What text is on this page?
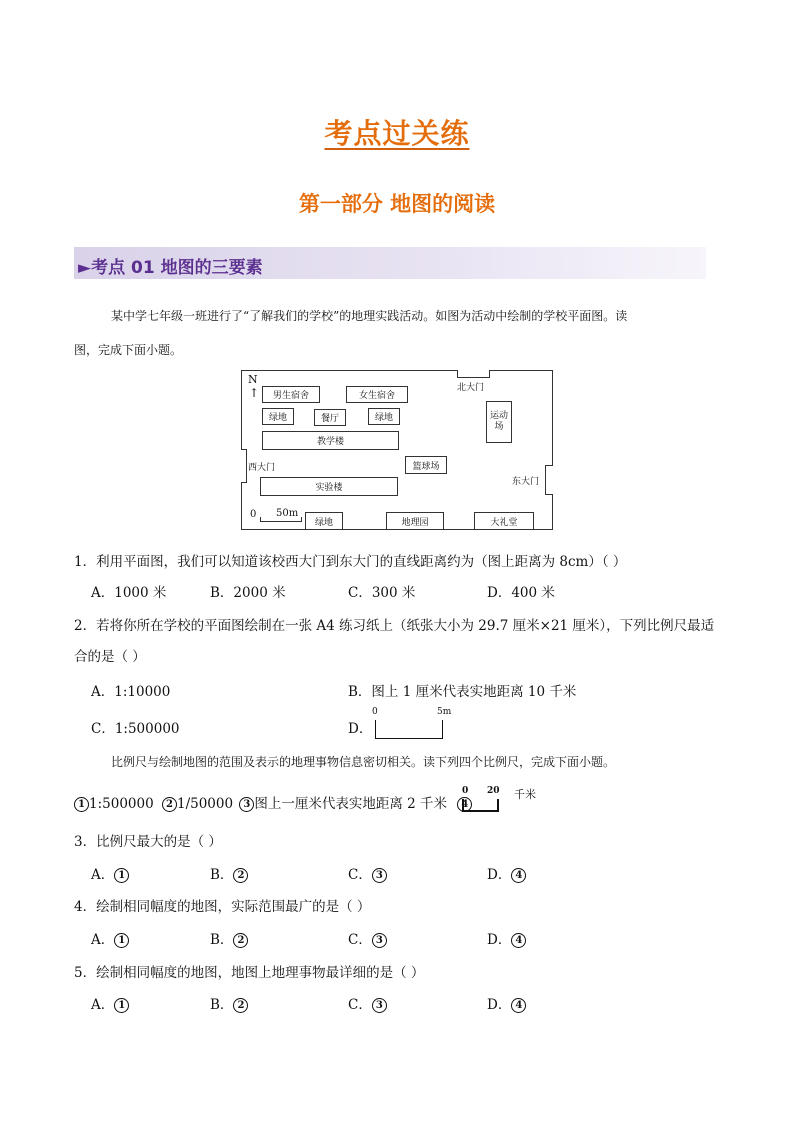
考点过关练
第一部分 地图的阅读
►考点 01 地图的三要素
某中学七年级一班进行了“了解我们的学校”的地理实践活动。如图为活动中绘制的学校平面图。读
图，完成下面小题。
N
↑	男生宿舍	女生宿舍
绿地	餐厅	绿地
教学楼
篮球场
实验楼
运动场
西大门
东大门
北大门
0 50m
绿地	地理园	大礼堂
1．利用平面图，我们可以知道该校西大门到东大门的直线距离约为（图上距离为 8cm）（ ）
A．1000 米	B．2000 米	C．300 米	D．400 米
2．若将你所在学校的平面图绘制在一张 A4 练习纸上（纸张大小为 29.7 厘米×21 厘米），下列比例尺最适
合的是（ ）
A．1:10000	B．图上 1 厘米代表实地距离 10 千米
C．1:500000	D．
0	5m
比例尺与绘制地图的范围及表示的地理事物信息密切相关。读下列四个比例尺，完成下面小题。
1 1:500000 2 1/50000 3 图上一厘米代表实地距离 2 千米 4
0 20 千米
3．比例尺最大的是（ ）
A． 1	B． 2	C． 3	D． 4
4．绘制相同幅度的地图，实际范围最广的是（ ）
A． 1	B． 2	C． 3	D． 4
5．绘制相同幅度的地图，地图上地理事物最详细的是（ ）
A． 1	B． 2	C． 3	D． 4
